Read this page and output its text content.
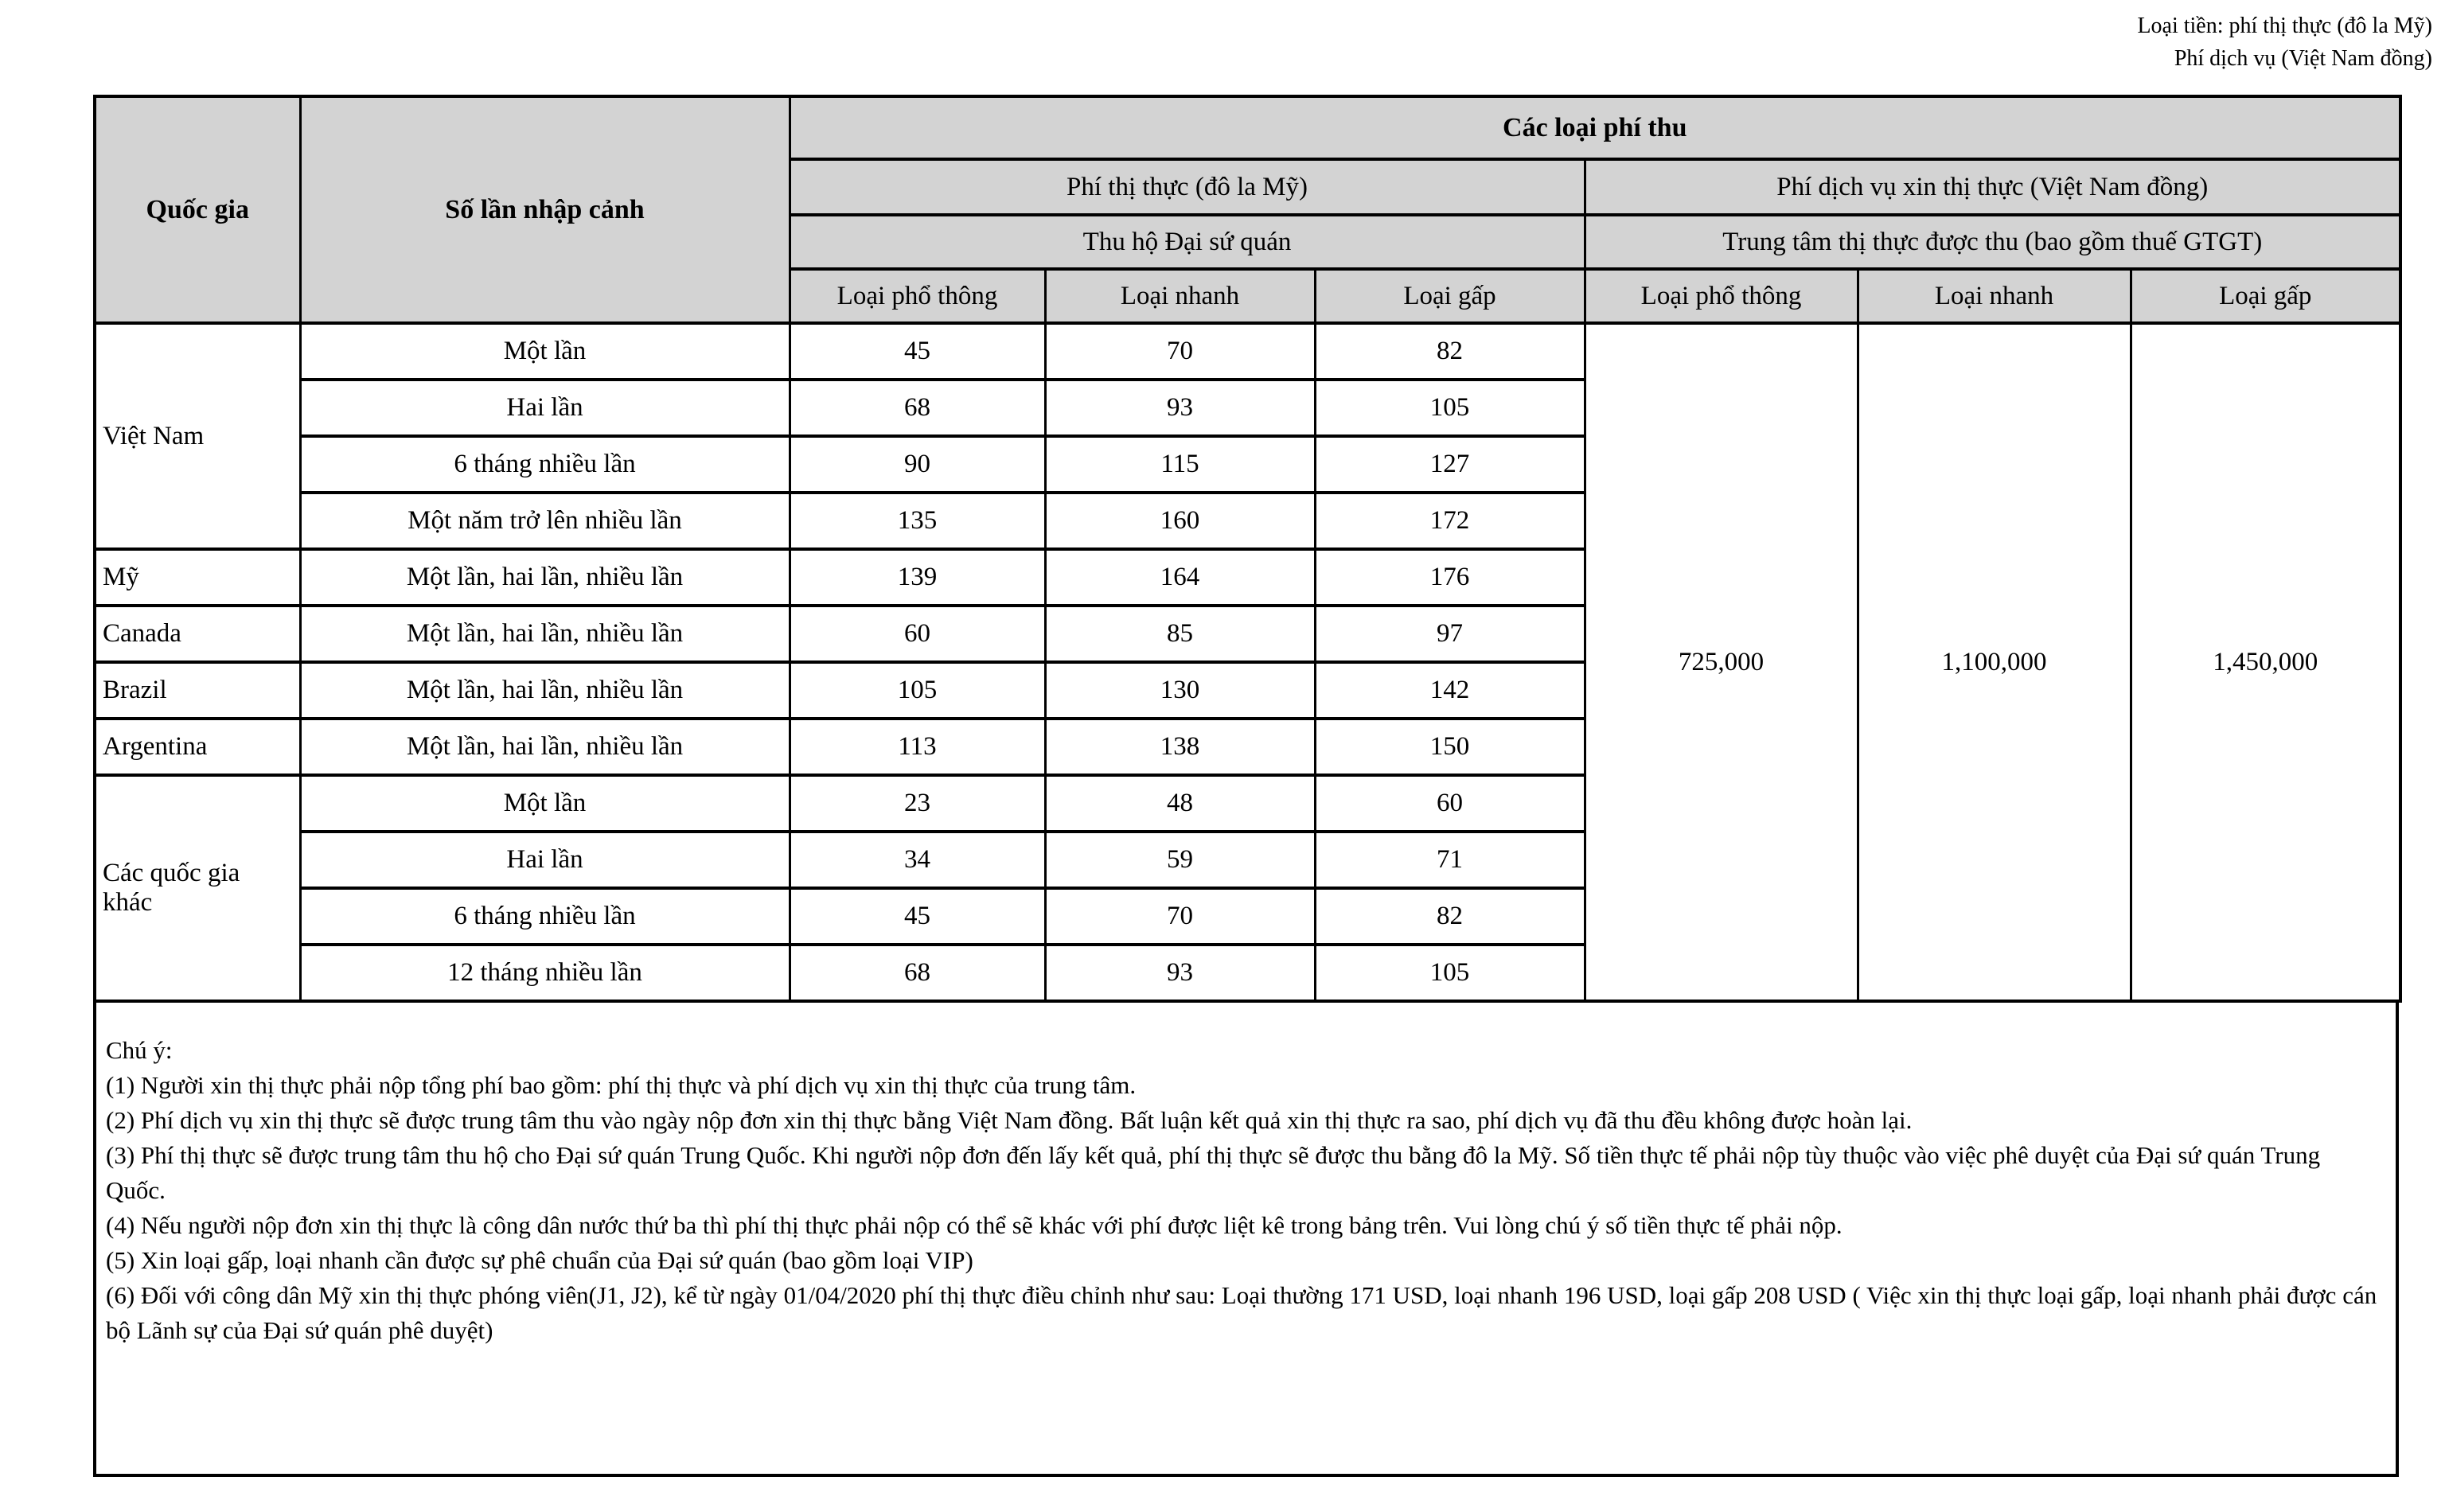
Loại tiền: phí thị thực (đô la Mỹ)
Phí dịch vụ (Việt Nam đồng)
Quốc gia	Số lần nhập cảnh	Các loại phí thu					
		Phí thị thực (đô la Mỹ)			Phí dịch vụ xin thị thực (Việt Nam đồng)		
		Thu hộ Đại sứ quán			Trung tâm thị thực được thu (bao gồm thuế GTGT)		
		Loại phổ thông	Loại nhanh	Loại gấp	Loại phổ thông	Loại nhanh	Loại gấp
Việt Nam	Một lần	45	70	82	725,000	1,100,000	1,450,000
	Hai lần	68	93	105			
	6 tháng nhiều lần	90	115	127			
	Một năm trở lên nhiều lần	135	160	172			
Mỹ	Một lần, hai lần, nhiều lần	139	164	176			
Canada	Một lần, hai lần, nhiều lần	60	85	97			
Brazil	Một lần, hai lần, nhiều lần	105	130	142			
Argentina	Một lần, hai lần, nhiều lần	113	138	150			
Các quốc gia khác	Một lần	23	48	60			
	Hai lần	34	59	71			
	6 tháng nhiều lần	45	70	82			
	12 tháng nhiều lần	68	93	105			
Chú ý:
(1) Người xin thị thực phải nộp tổng phí bao gồm: phí thị thực và phí dịch vụ xin thị thực của trung tâm.
(2) Phí dịch vụ xin thị thực sẽ được trung tâm thu vào ngày nộp đơn xin thị thực bằng Việt Nam đồng. Bất luận kết quả xin thị thực ra sao, phí dịch vụ đã thu đều không được hoàn lại.
(3) Phí thị thực sẽ được trung tâm thu hộ cho Đại sứ quán Trung Quốc. Khi người nộp đơn đến lấy kết quả, phí thị thực sẽ được thu bằng đô la Mỹ. Số tiền thực tế phải nộp tùy thuộc vào việc phê duyệt của Đại sứ quán Trung Quốc.
(4) Nếu người nộp đơn xin thị thực là công dân nước thứ ba thì phí thị thực phải nộp có thể sẽ khác với phí được liệt kê trong bảng trên. Vui lòng chú ý số tiền thực tế phải nộp.
(5) Xin loại gấp, loại nhanh cần được sự phê chuẩn của Đại sứ quán (bao gồm loại VIP)
(6) Đối với công dân Mỹ xin thị thực phóng viên(J1, J2), kể từ ngày 01/04/2020 phí thị thực điều chỉnh như sau: Loại thường 171 USD, loại nhanh 196 USD, loại gấp 208 USD ( Việc xin thị thực loại gấp, loại nhanh phải được cán bộ Lãnh sự của Đại sứ quán phê duyệt)
